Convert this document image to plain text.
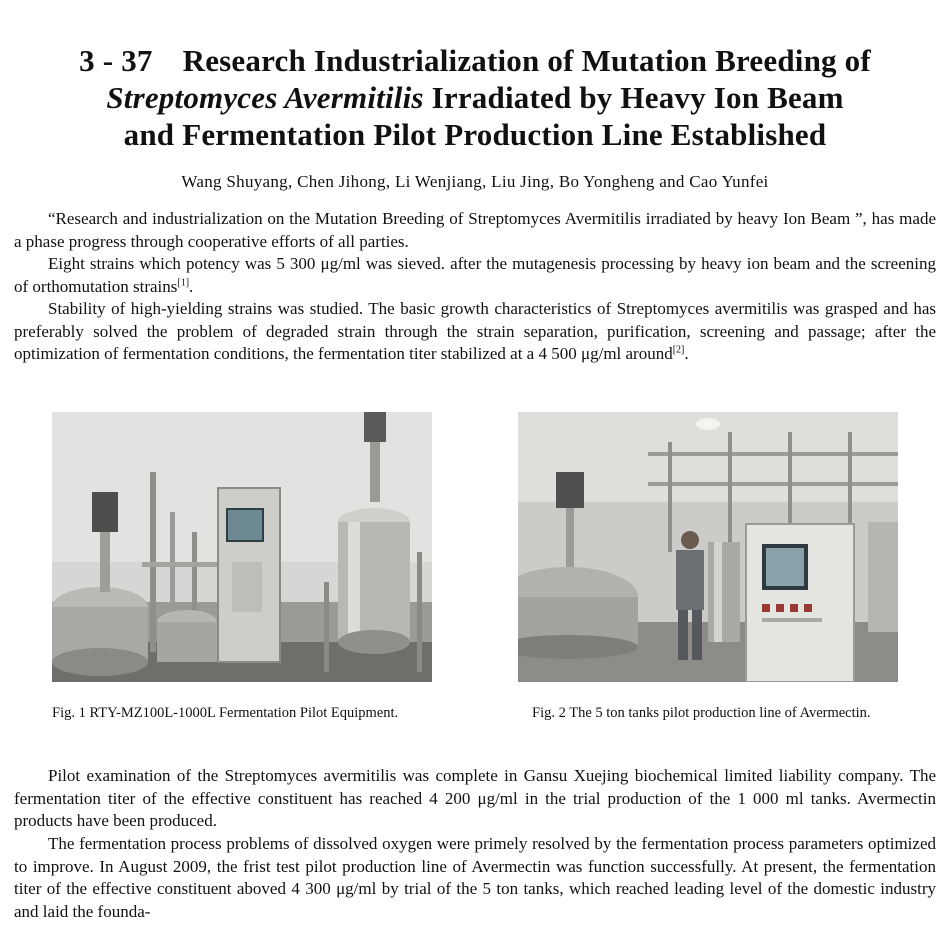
3 - 37 Research Industrialization of Mutation Breeding of
Streptomyces Avermitilis Irradiated by Heavy Ion Beam
and Fermentation Pilot Production Line Established
Wang Shuyang, Chen Jihong, Li Wenjiang, Liu Jing, Bo Yongheng and Cao Yunfei

“Research and industrialization on the Mutation Breeding of Streptomyces Avermitilis irradiated by heavy Ion Beam ”, has made a phase progress through cooperative efforts of all parties.

Eight strains which potency was 5 300 μg/ml was sieved. after the mutagenesis processing by heavy ion beam and the screening of orthomutation strains[1].

Stability of high-yielding strains was studied. The basic growth characteristics of Streptomyces avermitilis was grasped and has preferably solved the problem of degraded strain through the strain separation, purification, screening and passage; after the optimization of fermentation conditions, the fermentation titer stabilized at a 4 500 μg/ml around[2].

Fig. 1 RTY-MZ100L-1000L Fermentation Pilot Equipment.	Fig. 2 The 5 ton tanks pilot production line of Avermectin.

Pilot examination of the Streptomyces avermitilis was complete in Gansu Xuejing biochemical limited liability company. The fermentation titer of the effective constituent has reached 4 200 μg/ml in the trial production of the 1 000 ml tanks. Avermectin products have been produced.

The fermentation process problems of dissolved oxygen were primely resolved by the fermentation process parameters optimized to improve. In August 2009, the frist test pilot production line of Avermectin was function successfully. At present, the fermentation titer of the effective constituent aboved 4 300 μg/ml by trial of the 5 ton tanks, which reached leading level of the domestic industry and laid the founda-
